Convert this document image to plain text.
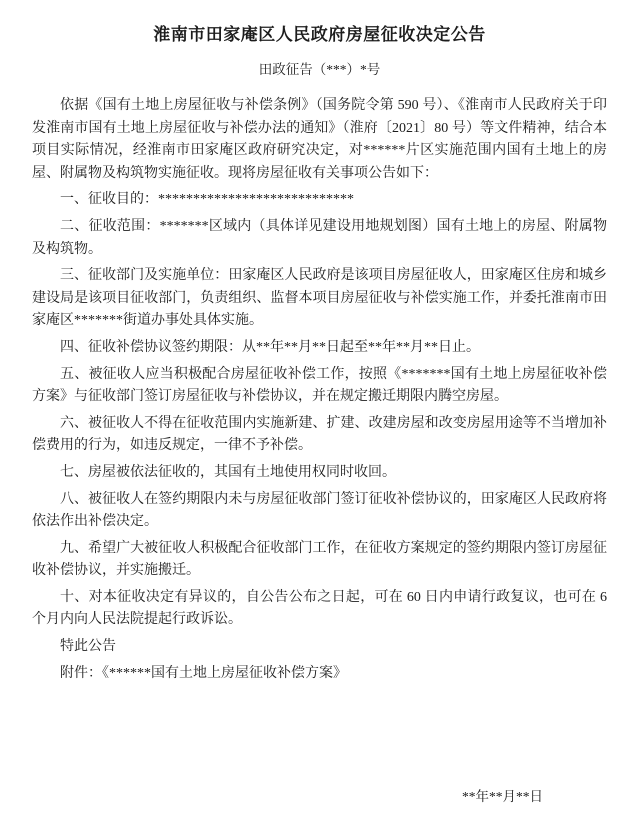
淮南市田家庵区人民政府房屋征收决定公告
田政征告（***）*号

依据《国有土地上房屋征收与补偿条例》（国务院令第 590 号）、《淮南市人民政府关于印发淮南市国有土地上房屋征收与补偿办法的通知》（淮府〔2021〕80 号）等文件精神，结合本项目实际情况，经淮南市田家庵区政府研究决定，对******片区实施范围内国有土地上的房屋、附属物及构筑物实施征收。现将房屋征收有关事项公告如下：

一、征收目的：****************************

二、征收范围：*******区域内（具体详见建设用地规划图）国有土地上的房屋、附属物及构筑物。

三、征收部门及实施单位：田家庵区人民政府是该项目房屋征收人，田家庵区住房和城乡建设局是该项目征收部门，负责组织、监督本项目房屋征收与补偿实施工作，并委托淮南市田家庵区*******街道办事处具体实施。

四、征收补偿协议签约期限：从**年**月**日起至**年**月**日止。

五、被征收人应当积极配合房屋征收补偿工作，按照《*******国有土地上房屋征收补偿方案》与征收部门签订房屋征收与补偿协议，并在规定搬迁期限内腾空房屋。

六、被征收人不得在征收范围内实施新建、扩建、改建房屋和改变房屋用途等不当增加补偿费用的行为，如违反规定，一律不予补偿。

七、房屋被依法征收的，其国有土地使用权同时收回。

八、被征收人在签约期限内未与房屋征收部门签订征收补偿协议的，田家庵区人民政府将依法作出补偿决定。

九、希望广大被征收人积极配合征收部门工作，在征收方案规定的签约期限内签订房屋征收补偿协议，并实施搬迁。

十、对本征收决定有异议的，自公告公布之日起，可在 60 日内申请行政复议，也可在 6 个月内向人民法院提起行政诉讼。

特此公告

附件：《******国有土地上房屋征收补偿方案》

**年**月**日
